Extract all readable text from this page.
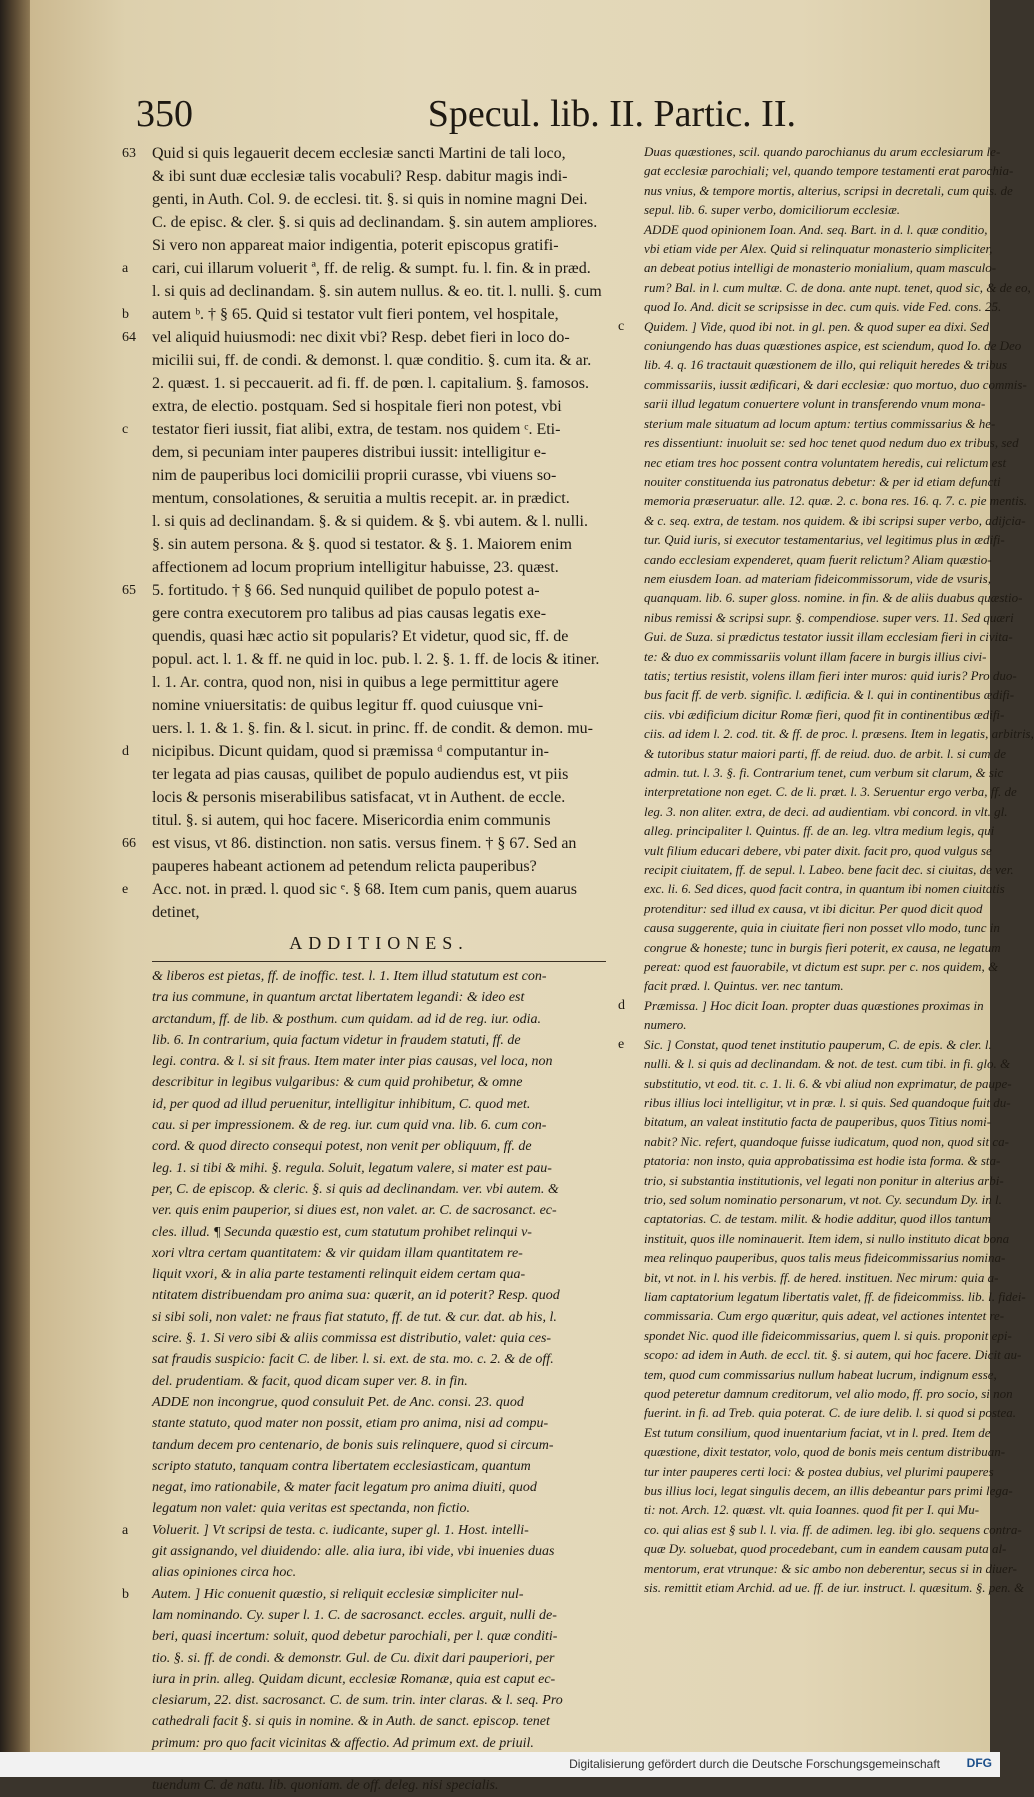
350	Specul. lib. II. Partic. II.
63 Quid si quis legauerit decem ecclesiæ sancti Martini de tali loco,
& ibi sunt duæ ecclesiæ talis vocabuli? Resp. dabitur magis indi-
genti, in Auth. Col. 9. de ecclesi. tit. §. si quis in nomine magni Dei.
C. de episc. & cler. §. si quis ad declinandam. §. sin autem ampliores.
Si vero non appareat maior indigentia, poterit episcopus gratifi-
a cari, cui illarum voluerit ª, ff. de relig. & sumpt. fu. l. fin. & in præd.
l. si quis ad declinandam. §. sin autem nullus. & eo. tit. l. nulli. §. cum
b autem ᵇ. † § 65. Quid si testator vult fieri pontem, vel hospitale,
64 vel aliquid huiusmodi: nec dixit vbi? Resp. debet fieri in loco do-
micilii sui, ff. de condi. & demonst. l. quæ conditio. §. cum ita. & ar.
2. quæst. 1. si peccauerit. ad fi. ff. de pœn. l. capitalium. §. famosos.
extra, de electio. postquam. Sed si hospitale fieri non potest, vbi
c testator fieri iussit, fiat alibi, extra, de testam. nos quidem ᶜ. Eti-
dem, si pecuniam inter pauperes distribui iussit: intelligitur e-
nim de pauperibus loci domicilii proprii curasse, vbi viuens so-
mentum, consolationes, & seruitia a multis recepit. ar. in prædict.
l. si quis ad declinandam. §. & si quidem. & §. vbi autem. & l. nulli.
§. sin autem persona. & §. quod si testator. & §. 1. Maiorem enim
affectionem ad locum proprium intelligitur habuisse, 23. quæst.
65 5. fortitudo. † § 66. Sed nunquid quilibet de populo potest a-
gere contra executorem pro talibus ad pias causas legatis exe-
quendis, quasi hæc actio sit popularis? Et videtur, quod sic, ff. de
popul. act. l. 1. & ff. ne quid in loc. pub. l. 2. §. 1. ff. de locis & itiner.
l. 1. Ar. contra, quod non, nisi in quibus a lege permittitur agere
nomine vniuersitatis: de quibus legitur ff. quod cuiusque vni-
uers. l. 1. & 1. §. fin. & l. sicut. in princ. ff. de condit. & demon. mu-
d nicipibus. Dicunt quidam, quod si præmissa ᵈ computantur in-
ter legata ad pias causas, quilibet de populo audiendus est, vt piis
locis & personis miserabilibus satisfacat, vt in Authent. de eccle.
titul. §. si autem, qui hoc facere. Misericordia enim communis
66 est visus, vt 86. distinction. non satis. versus finem. † § 67. Sed an
pauperes habeant actionem ad petendum relicta pauperibus?
e Acc. not. in præd. l. quod sic ᵉ. § 68. Item cum panis, quem auarus
detinet,
ADDITIONES.
& liberos est pietas, ff. de inoffic. test. l. 1. Item illud statutum est con-
tra ius commune, in quantum arctat libertatem legandi: & ideo est
arctandum, ff. de lib. & posthum. cum quidam. ad id de reg. iur. odia.
lib. 6. In contrarium, quia factum videtur in fraudem statuti, ff. de
legi. contra. & l. si sit fraus. Item mater inter pias causas, vel loca, non
describitur in legibus vulgaribus: & cum quid prohibetur, & omne
id, per quod ad illud peruenitur, intelligitur inhibitum, C. quod met.
cau. si per impressionem. & de reg. iur. cum quid vna. lib. 6. cum con-
cord. & quod directo consequi potest, non venit per obliquum, ff. de
leg. 1. si tibi & mihi. §. regula. Soluit, legatum valere, si mater est pau-
per, C. de episcop. & cleric. §. si quis ad declinandam. ver. vbi autem. &
ver. quis enim pauperior, si diues est, non valet. ar. C. de sacrosanct. ec-
cles. illud. ¶ Secunda quæstio est, cum statutum prohibet relinqui v-
xori vltra certam quantitatem: & vir quidam illam quantitatem re-
liquit vxori, & in alia parte testamenti relinquit eidem certam qua-
ntitatem distribuendam pro anima sua: quærit, an id poterit? Resp. quod
si sibi soli, non valet: ne fraus fiat statuto, ff. de tut. & cur. dat. ab his, l.
scire. §. 1. Si vero sibi & aliis commissa est distributio, valet: quia ces-
sat fraudis suspicio: facit C. de liber. l. si. ext. de sta. mo. c. 2. & de off.
del. prudentiam. & facit, quod dicam super ver. 8. in fin.
ADDE non incongrue, quod consuluit Pet. de Anc. consi. 23. quod
stante statuto, quod mater non possit, etiam pro anima, nisi ad compu-
tandum decem pro centenario, de bonis suis relinquere, quod si circum-
scripto statuto, tanquam contra libertatem ecclesiasticam, quantum
negat, imo rationabile, & mater facit legatum pro anima diuiti, quod
legatum non valet: quia veritas est spectanda, non fictio.
a Voluerit. ] Vt scripsi de testa. c. iudicante, super gl. 1. Host. intelli-
git assignando, vel diuidendo: alle. alia iura, ibi vide, vbi inuenies duas
alias opiniones circa hoc.
b Autem. ] Hic conuenit quæstio, si reliquit ecclesiæ simpliciter nul-
lam nominando. Cy. super l. 1. C. de sacrosanct. eccles. arguit, nulli de-
beri, quasi incertum: soluit, quod debetur parochiali, per l. quæ conditi-
tio. §. si. ff. de condi. & demonstr. Gul. de Cu. dixit dari pauperiori, per
iura in prin. alleg. Quidam dicunt, ecclesiæ Romanæ, quia est caput ec-
clesiarum, 22. dist. sacrosanct. C. de sum. trin. inter claras. & l. seq. Pro
cathedrali facit §. si quis in nomine. & in Auth. de sanct. episcop. tenet
primum: pro quo facit vicinitas & affectio. Ad primum ext. de priuil.
tuendum C. de natu. lib. quoniam. de off. deleg. nisi specialis.
Duas quæstiones, scil. quando parochianus du arum ecclesiarum le-
gat ecclesiæ parochiali; vel, quando tempore testamenti erat parochia-
nus vnius, & tempore mortis, alterius, scripsi in decretali, cum quis. de
sepul. lib. 6. super verbo, domiciliorum ecclesiæ.
ADDE quod opinionem Ioan. And. seq. Bart. in d. l. quæ conditio,
vbi etiam vide per Alex. Quid si relinquatur monasterio simpliciter,
an debeat potius intelligi de monasterio monialium, quam masculo-
rum? Bal. in l. cum multæ. C. de dona. ante nupt. tenet, quod sic, & de eo,
quod Io. And. dicit se scripsisse in dec. cum quis. vide Fed. cons. 25.
c Quidem. ] Vide, quod ibi not. in gl. pen. & quod super ea dixi. Sed
coniungendo has duas quæstiones aspice, est sciendum, quod Io. de Deo
lib. 4. q. 16 tractauit quæstionem de illo, qui reliquit heredes & tribus
commissariis, iussit ædificari, & dari ecclesiæ: quo mortuo, duo commis-
sarii illud legatum conuertere volunt in transferendo vnum mona-
sterium male situatum ad locum aptum: tertius commissarius & he-
res dissentiunt: inuoluit se: sed hoc tenet quod nedum duo ex tribus, sed
nec etiam tres hoc possent contra voluntatem heredis, cui relictum est
nouiter constituenda ius patronatus debetur: & per id etiam defuncti
memoria præseruatur. alle. 12. quæ. 2. c. bona res. 16. q. 7. c. pie mentis.
& c. seq. extra, de testam. nos quidem. & ibi scripsi super verbo, adijcia-
tur. Quid iuris, si executor testamentarius, vel legitimus plus in ædifi-
cando ecclesiam expenderet, quam fuerit relictum? Aliam quæstio-
nem eiusdem Ioan. ad materiam fideicommissorum, vide de vsuris,
quanquam. lib. 6. super gloss. nomine. in fin. & de aliis duabus quæstio-
nibus remissi & scripsi supr. §. compendiose. super vers. 11. Sed quæri
Gui. de Suza. si prædictus testator iussit illam ecclesiam fieri in civita-
te: & duo ex commissariis volunt illam facere in burgis illius civi-
tatis; tertius resistit, volens illam fieri inter muros: quid iuris? Pro duo-
bus facit ff. de verb. signific. l. ædificia. & l. qui in continentibus ædifi-
ciis. vbi ædificium dicitur Romæ fieri, quod fit in continentibus ædifi-
ciis. ad idem l. 2. cod. tit. & ff. de proc. l. præsens. Item in legatis, arbitris,
& tutoribus statur maiori parti, ff. de reiud. duo. de arbit. l. si cum de
admin. tut. l. 3. §. fi. Contrarium tenet, cum verbum sit clarum, & sic
interpretatione non eget. C. de li. præt. l. 3. Seruentur ergo verba, ff. de
leg. 3. non aliter. extra, de deci. ad audientiam. vbi concord. in vlt. gl.
alleg. principaliter l. Quintus. ff. de an. leg. vltra medium legis, qui
vult filium educari debere, vbi pater dixit. facit pro, quod vulgus se
recipit ciuitatem, ff. de sepul. l. Labeo. bene facit dec. si ciuitas, de ver.
exc. li. 6. Sed dices, quod facit contra, in quantum ibi nomen ciuitatis
protenditur: sed illud ex causa, vt ibi dicitur. Per quod dicit quod
causa suggerente, quia in ciuitate fieri non posset vllo modo, tunc in
congrue & honeste; tunc in burgis fieri poterit, ex causa, ne legatum
pereat: quod est fauorabile, vt dictum est supr. per c. nos quidem, &
facit præd. l. Quintus. ver. nec tantum.
d Præmissa. ] Hoc dicit Ioan. propter duas quæstiones proximas in
numero.
e Sic. ] Constat, quod tenet institutio pauperum, C. de epis. & cler. l.
nulli. & l. si quis ad declinandam. & not. de test. cum tibi. in fi. glo. &
substitutio, vt eod. tit. c. 1. li. 6. & vbi aliud non exprimatur, de paupe-
ribus illius loci intelligitur, vt in præ. l. si quis. Sed quandoque fuit du-
bitatum, an valeat institutio facta de pauperibus, quos Titius nomi-
nabit? Nic. refert, quandoque fuisse iudicatum, quod non, quod sit ca-
ptatoria: non insto, quia approbatissima est hodie ista forma. & sta-
trio, si substantia institutionis, vel legati non ponitur in alterius arbi-
trio, sed solum nominatio personarum, vt not. Cy. secundum Dy. in l.
captatorias. C. de testam. milit. & hodie additur, quod illos tantum
instituit, quos ille nominauerit. Item idem, si nullo instituto dicat bona
mea relinquo pauperibus, quos talis meus fideicommissarius nomina-
bit, vt not. in l. his verbis. ff. de hered. instituen. Nec mirum: quia a-
liam captatorium legatum libertatis valet, ff. de fideicommiss. lib. l. fidei-
commissaria. Cum ergo quæritur, quis adeat, vel actiones intentet re-
spondet Nic. quod ille fideicommissarius, quem l. si quis. proponit epi-
scopo: ad idem in Auth. de eccl. tit. §. si autem, qui hoc facere. Dicit au-
tem, quod cum commissarius nullum habeat lucrum, indignum esse,
quod peteretur damnum creditorum, vel alio modo, ff. pro socio, si non
fuerint. in fi. ad Treb. quia poterat. C. de iure delib. l. si quod si postea.
Est tutum consilium, quod inuentarium faciat, vt in l. pred. Item de
quæstione, dixit testator, volo, quod de bonis meis centum distribuan-
tur inter pauperes certi loci: & postea dubius, vel plurimi pauperes
bus illius loci, legat singulis decem, an illis debeantur pars primi lega-
ti: not. Arch. 12. quæst. vlt. quia Ioannes. quod fit per I. qui Mu-
co. qui alias est § sub l. l. via. ff. de adimen. leg. ibi glo. sequens contra-
quæ Dy. soluebat, quod procedebant, cum in eandem causam puta al-
mentorum, erat vtrunque: & sic ambo non deberentur, secus si in diuer-
sis. remittit etiam Archid. ad ue. ff. de iur. instruct. l. quæsitum. §. pen. &
Digitalisierung gefördert durch die Deutsche Forschungsgemeinschaft DFG
